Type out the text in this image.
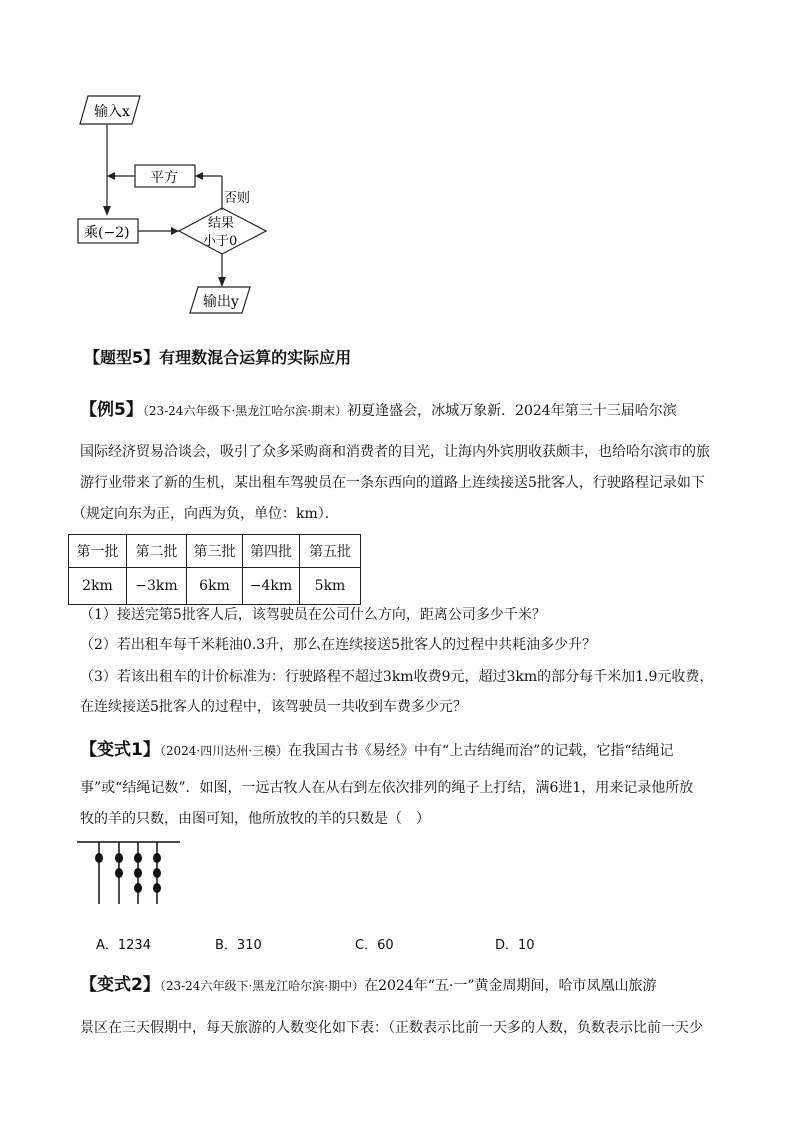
输入x
平方
否则
乘(−2)
结果
小于0
输出y
【题型5】有理数混合运算的实际应用
【例5】（23-24六年级下·黑龙江哈尔滨·期末）初夏逢盛会，冰城万象新．2024年第三十三届哈尔滨
国际经济贸易洽谈会，吸引了众多采购商和消费者的目光，让海内外宾朋收获颇丰，也给哈尔滨市的旅
游行业带来了新的生机，某出租车驾驶员在一条东西向的道路上连续接送5批客人，行驶路程记录如下
（规定向东为正，向西为负，单位：km）．
第一批	第二批	第三批	第四批	第五批
2km	−3km	6km	−4km	5km
（1）接送完第5批客人后，该驾驶员在公司什么方向，距离公司多少千米？
（2）若出租车每千米耗油0.3升，那么在连续接送5批客人的过程中共耗油多少升？
（3）若该出租车的计价标准为：行驶路程不超过3km收费9元，超过3km的部分每千米加1.9元收费，
在连续接送5批客人的过程中，该驾驶员一共收到车费多少元？
【变式1】（2024·四川达州·三模）在我国古书《易经》中有“上古结绳而治”的记载，它指“结绳记
事”或“结绳记数”．如图，一远古牧人在从右到左依次排列的绳子上打结，满6进1，用来记录他所放
牧的羊的只数，由图可知，他所放牧的羊的只数是（　）
A．1234	B．310	C．60	D．10
【变式2】（23-24六年级下·黑龙江哈尔滨·期中）在2024年“五·一”黄金周期间，哈市凤凰山旅游
景区在三天假期中，每天旅游的人数变化如下表：（正数表示比前一天多的人数，负数表示比前一天少
